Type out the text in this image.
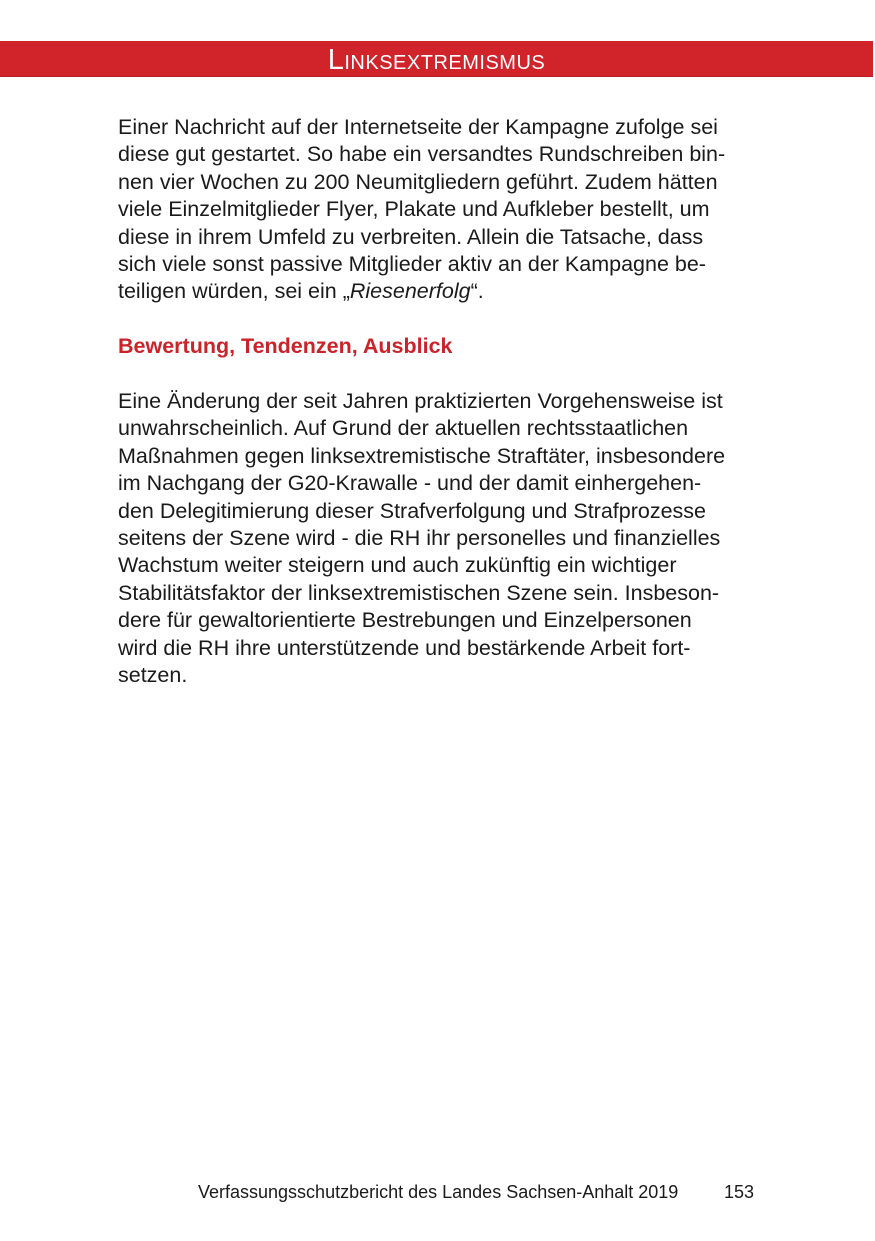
Linksextremismus

Einer Nachricht auf der Internetseite der Kampagne zufolge sei
diese gut gestartet. So habe ein versandtes Rundschreiben bin-
nen vier Wochen zu 200 Neumitgliedern geführt. Zudem hätten
viele Einzelmitglieder Flyer, Plakate und Aufkleber bestellt, um
diese in ihrem Umfeld zu verbreiten. Allein die Tatsache, dass
sich viele sonst passive Mitglieder aktiv an der Kampagne be-
teiligen würden, sei ein „Riesenerfolg“.

Bewertung, Tendenzen, Ausblick

Eine Änderung der seit Jahren praktizierten Vorgehensweise ist
unwahrscheinlich. Auf Grund der aktuellen rechtsstaatlichen
Maßnahmen gegen linksextremistische Straftäter, insbesondere
im Nachgang der G20-Krawalle - und der damit einhergehen-
den Delegitimierung dieser Strafverfolgung und Strafprozesse
seitens der Szene wird - die RH ihr personelles und finanzielles
Wachstum weiter steigern und auch zukünftig ein wichtiger
Stabilitätsfaktor der linksextremistischen Szene sein. Insbeson-
dere für gewaltorientierte Bestrebungen und Einzelpersonen
wird die RH ihre unterstützende und bestärkende Arbeit fort-
setzen.

Verfassungsschutzbericht des Landes Sachsen-Anhalt 2019	153
